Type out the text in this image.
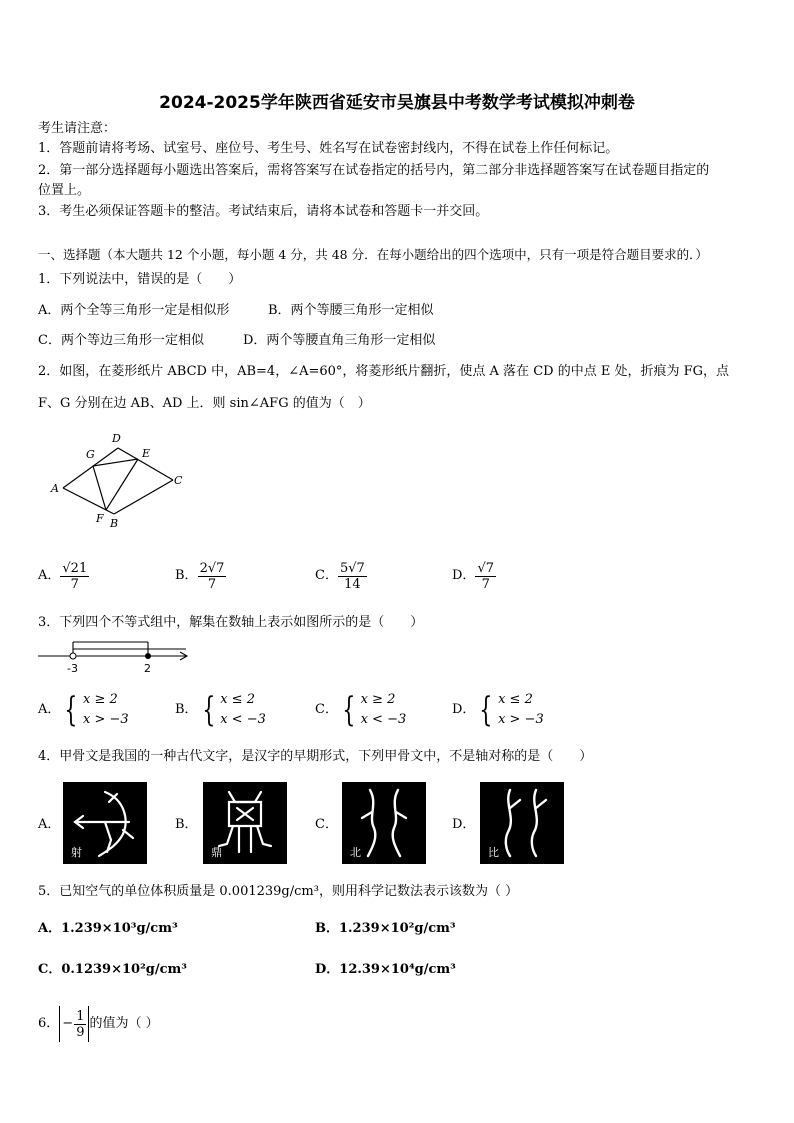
2024-2025学年陕西省延安市吴旗县中考数学考试模拟冲刺卷
考生请注意：
1．答题前请将考场、试室号、座位号、考生号、姓名写在试卷密封线内，不得在试卷上作任何标记。
2．第一部分选择题每小题选出答案后，需将答案写在试卷指定的括号内，第二部分非选择题答案写在试卷题目指定的
位置上。
3．考生必须保证答题卡的整洁。考试结束后，请将本试卷和答题卡一并交回。
一、选择题（本大题共 12 个小题，每小题 4 分，共 48 分．在每小题给出的四个选项中，只有一项是符合题目要求的．）
1．下列说法中，错误的是（　　）
A．两个全等三角形一定是相似形	B．两个等腰三角形一定相似
C．两个等边三角形一定相似	D．两个等腰直角三角形一定相似
2．如图，在菱形纸片 ABCD 中，AB=4，∠A=60°，将菱形纸片翻折，使点 A 落在 CD 的中点 E 处，折痕为 FG，点
F、G 分别在边 AB、AD 上．则 sin∠AFG 的值为（　）
A
D
G	E
C
F B
A． $\frac{√21}{7}$	B． $\frac{2√7}{7}$	C． $\frac{5√7}{14}$	D． $\frac{√7}{7}$
3．下列四个不等式组中，解集在数轴上表示如图所示的是（　　）
-3	2
A． { x ≥ 2
x > −3
B． { x ≤ 2
x < −3
C． { x ≥ 2
x < −3
D． { x ≤ 2
x > −3
4．甲骨文是我国的一种古代文字，是汉字的早期形式，下列甲骨文中，不是轴对称的是（　　）
A．
射
B．
鼎
C．
北
D．
比
5．已知空气的单位体积质量是 0.001239g/cm³，则用科学记数法表示该数为（ ）
A．1.239×10³g/cm³	B．1.239×10²g/cm³
C．0.1239×10²g/cm³	D．12.39×10⁴g/cm³
6． − $\frac{1}{9}$ 的值为（ ）
